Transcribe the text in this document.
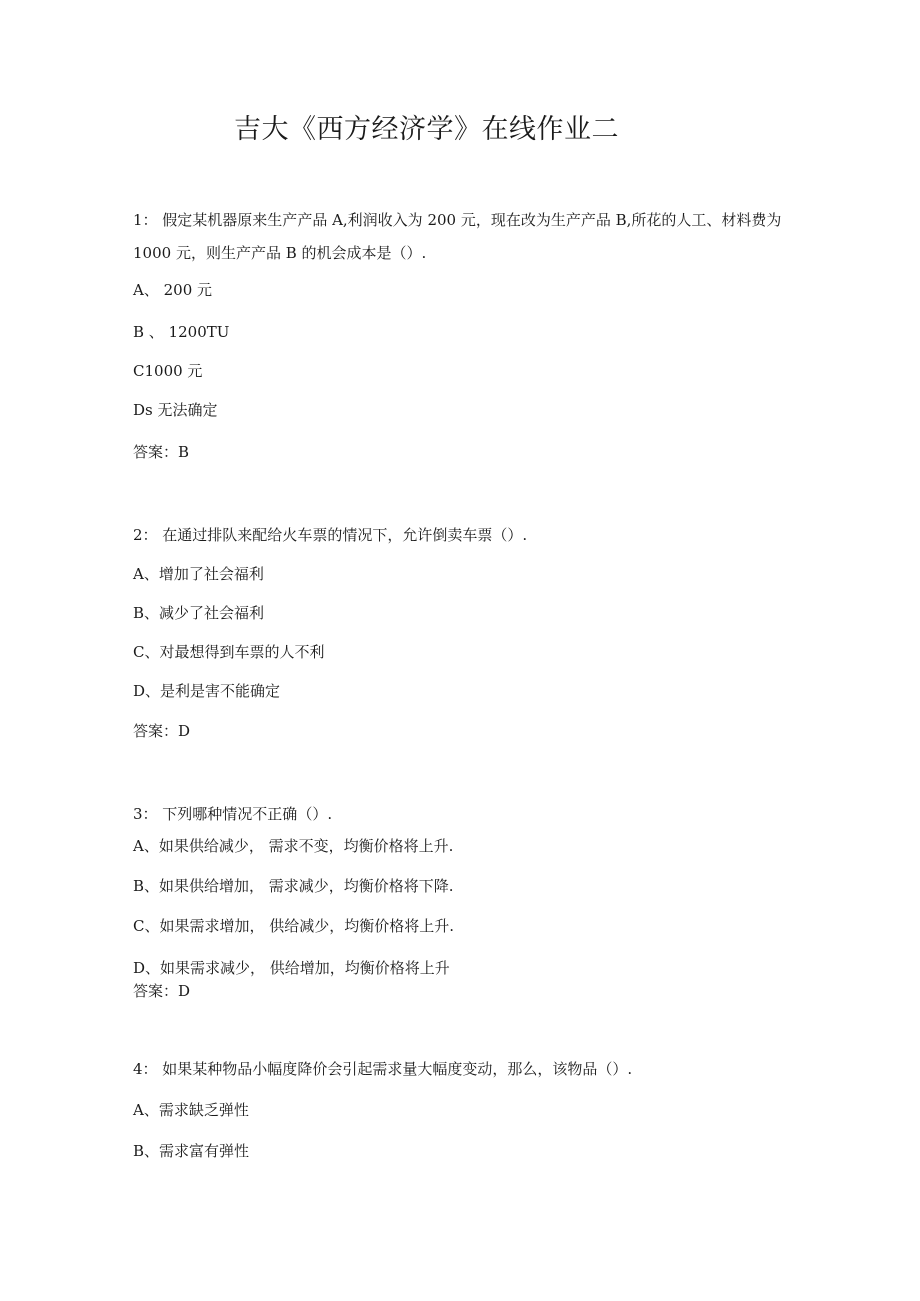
吉大《西方经济学》在线作业二
1： 假定某机器原来生产产品 A,利润收入为 200 元，现在改为生产产品 B,所花的人工、材料费为 1000 元，则生产产品 B 的机会成本是（）.
A、 200 元
B 、 1200TU
C1000 元
Ds 无法确定
答案：B
2： 在通过排队来配给火车票的情况下，允许倒卖车票（）.
A、增加了社会福利
B、减少了社会福利
C、对最想得到车票的人不利
D、是利是害不能确定
答案：D
3： 下列哪种情况不正确（）.
A、如果供给减少， 需求不变，均衡价格将上升.
B、如果供给增加， 需求减少，均衡价格将下降.
C、如果需求增加， 供给减少，均衡价格将上升.
D、如果需求减少， 供给增加，均衡价格将上升
答案：D
4： 如果某种物品小幅度降价会引起需求量大幅度变动，那么，该物品（）.
A、需求缺乏弹性
B、需求富有弹性
